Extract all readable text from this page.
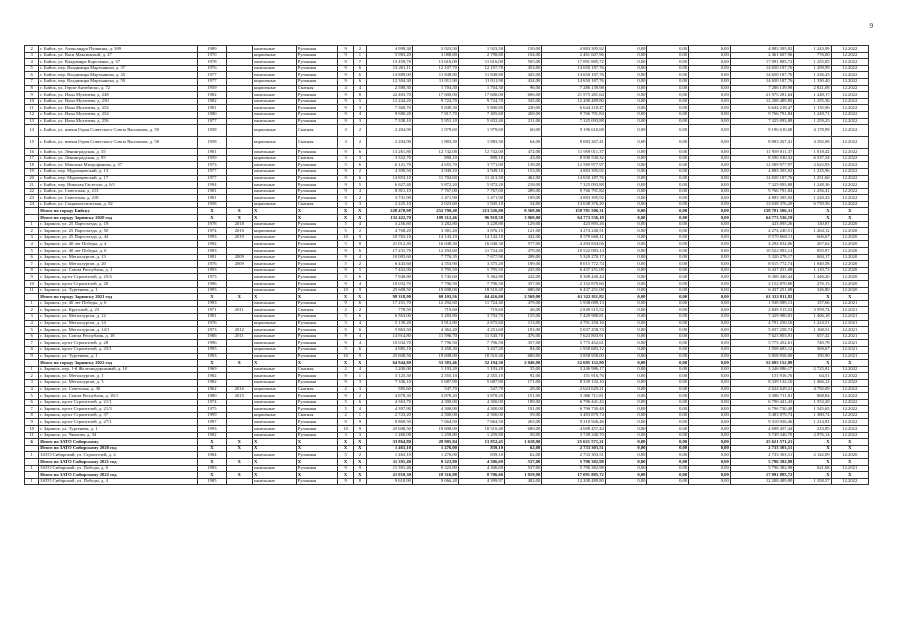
9
2	г. Бийск, ул. Александра Пушкина, д. 309	1989		панельные	Рулонная	9	2	4 998,30	3 923,50	1 923,50	150,00	4 883 395,92	0,00	0,00	0,00	4 883 395,92	1 243,99	12.2022
3	г. Бийск, ул. Васи Максимовой, д. 27	1970		кирпичные	Рулонная	9	1	5 983,20	3 088,80	2 798,80	104,00	2 461 607,96	0,00	0,00	0,00	2 461 607,96	776,00	12.2022
4	г. Бийск, ул. Владимира Короленко, д. 37	1978		панельные	Рулонная	9	7	15 459,70	13 616,00	11 616,00	505,00	17 091 885,72	0,00	0,00	0,00	17 091 885,72	1 255,05	12.2022
5	г. Бийск, пер. Владимира Мартьянова, д. 37	1976		панельные	Рулонная	9	6	13 261,11	12 107,70	12 107,70	453,00	14 650 187,76	0,00	0,00	0,00	14 650 187,76	1 209,99	12.2022
6	г. Бийск, пер. Владимира Мартьянова, д. 45	1977		панельные	Рулонная	9	6	14 889,00	11 848,80	11 848,80	445,00	14 650 187,76	0,00	0,00	0,00	14 650 187,76	1 236,43	12.2022
7	г. Бийск, пер. Владимира Мартьянова, д. 59	1977		кирпичные	Рулонная	9	6	12 304,30	11 011,90	11 011,90	434,00	14 650 187,76	0,00	0,00	0,00	14 650 187,76	1 330,40	12.2022
8	г. Бийск, ул. Героя-Антибиско, д. 72	1959		кирпичные	Скатная	4	4	2 580,30	1 704,30	1 704,30	96,00	7 286 139,98	0,00	0,00	0,00	7 286 139,98	2 821,08	12.2022
9	г. Бийск, ул. Ильи Мухачева, д. 248	1982		панельные	Рулонная	9	8	22 403,70	17 600,00	17 600,00	606,00	21 975 281,64	0,00	0,00	0,00	21 975 281,64	1 248,17	12.2022
10	г. Бийск, ул. Ильи Мухачева, д. 250	1982		панельные	Рулонная	9	5	12 244,20	9 724,70	9 724,70	343,00	12 208 489,80	0,00	0,00	0,00	12 208 489,80	1 255,36	12.2022
11	г. Бийск, ул. Ильи Мухачева, д. 252	1981		панельные	Рулонная	9	3	7 360,70	5 849,30	5 800,80	230,00	6 644 218,47	0,00	0,00	0,00	6 644 218,47	1 135,96	12.2022
12	г. Бийск, ул. Ильи Мухачева, д. 254	1980		панельные	Рулонная	9	4	9 680,20	7 817,70	7 495,60	269,00	9 766 791,84	0,00	0,00	0,00	9 766 791,84	1 249,71	12.2022
13	г. Бийск, ул. Ильи Мухачева, д. 256	1977		панельные	Рулонная	9	3	7 338,10	5 851,10	5 652,40	211,00	7 325 093,88	0,00	0,00	0,00	7 325 093,88	1 259,25	12.2022
14	г. Бийск, ул. имени Героя Советского Союза Васильева, д. 59	1958		кирпичные	Скатная	3	2	2 204,90	1 979,60	1 979,60	60,00	9 196 610,68	0,00	0,00	0,00	9 196 610,68	4 178,99	12.2022
15	г. Бийск, ул. имени Героя Советского Союза Васильева, д. 58	1958		кирпичные	Скатная	3	2	2 204,90	1 883,30	1 883,30	64,00	8 083 267,41	0,00	0,00	0,00	8 083 267,41	4 292,08	12.2022
16	г. Бийск, ул. Ленинградская, д. 35	1981		панельные	Рулонная	9	6	13 261,80	12 742,00	12 742,00	472,00	11 959 011,37	0,00	0,00	0,00	11 959 011,37	1 018,42	12.2022
17	г. Бийск, ул. Ленинградская, д. 95	1959		кирпичные	Скатная	3	3	3 352,70	890,10	890,10	43,00	8 590 530,32	0,00	0,00	0,00	8 590 530,32	6 337,34	12.2022
18	г. Бийск, ул. Максима Митрофанова, д. 37	1973		панельные	Рулонная	5	6	6 121,70	4 655,70	3 771,00	139,00	12 589 977,97	0,00	0,00	0,00	12 589 977,97	2 622,93	12.2022
19	г. Бийск, пер. Муромцевский, д. 13	1977		панельные	Рулонная	9	2	4 399,50	3 949,10	3 949,10	153,00	4 883 395,92	0,00	0,00	0,00	4 883 395,92	1 235,96	12.2022
20	г. Бийск, пер. Муромцевский, д. 17	1977		панельные	Рулонная	9	6	14 853,10	11 704,60	11 413,50	462,00	14 650 187,76	0,00	0,00	0,00	14 650 187,76	1 251,66	12.2022
21	г. Бийск, пер. Николая Гастелло, д. 6/1	1994		панельные	Рулонная	9	5	6 627,40	5 872,20	5 872,20	218,00	7 325 093,88	0,00	0,00	0,00	7 325 093,88	1 248,36	12.2022
22	г. Бийск, ул. Советская, д. 213	1981		панельные	Рулонная	9	4	8 811,10	7 767,00	7 767,00	289,00	9 766 791,84	0,00	0,00	0,00	9 766 791,84	1 256,41	12.2022
23	г. Бийск, ул. Советская, д. 218	1981		панельные	Рулонная	9	2	3 731,90	1 471,90	1 471,90	109,00	4 883 395,92	0,00	0,00	0,00	4 883 395,92	1 220,33	12.2022
24	г. Бийск, ул. Социалистическая, д. 92	1958		кирпичные	Скатная	3	3	2 225,10	2 023,60	1 945,10	54,00	13 638 376,20	0,00	0,00	0,00	13 638 376,20	6 739,56	12.2022
	Итого по городу Бийску	X	X	X	X	X	X	228 470,98	252 799,48	213 526,80	8 568,00	158 781 506,31	0,00	0,00	0,00	158 781 506,31	X	X
	Итого по городу Заринску 2020 год	X	X	X	X	X	X	132 422,70	109 312,46	96 918,58	3 969,00	64 773 536,19	0,00	0,00	0,00	64 773 536,19	X	X
1	г. Заринск, ул. 25 Партсъезда, д. 19	1978	2018	панельные	Рулонная	5	4	3 256,80	3 282,80	3 228,80	129,00	423 895,26	0,00	0,00	0,00	423 895,26	130,87	12.2020
2	г. Заринск, ул. 25 Партсъезда, д. 50	1974	2010	кирпичные	Рулонная	5	2	4 768,20	3 381,20	3 876,10	121,00	4 274 240,51	0,00	0,00	0,00	4 274 240,51	1 264,12	12.2020
3	г. Заринск, ул. 25 Партсъезда, д. 44	1993	2019	панельные	Рулонная	10	9	18 763,10	14 143,10	14 142,10	442,00	8 579 668,11	0,00	0,00	0,00	8 579 668,11	606,67	12.2020
4	г. Заринск, ул. 40 лет Победы, д. 4	1992		панельные	Рулонная	5	8	21 012,40	16 048,30	16 048,30	577,00	4 294 834,06	0,00	0,00	0,00	4 294 834,06	267,62	12.2020
5	г. Заринск, ул. 40 лет Победы, д. 6	1993		панельные	Рулонная	9	6	17 231,70	12 292,60	11 724,40	479,00	10 522 083,14	0,00	0,00	0,00	10 522 083,14	855,97	12.2020
6	г. Заринск, ул. Металлургов, д. 13	1981	2009	панельные	Рулонная	9	4	10 005,60	7 776,35	7 677,90	288,00	5 320 278,17	0,00	0,00	0,00	5 320 278,17	684,17	12.2020
7	г. Заринск, ул. Металлургов, д. 20	1976	2009	панельные	Рулонная	5	2	6 443,60	4 353,90	3 375,20	189,00	8 015 772,74	0,00	0,00	0,00	8 015 772,74	1 840,58	12.2020
8	г. Заринск, ул. Союза Республик, д. 1	1993		панельные	Рулонная	9	5	7 452,90	5 795,50	5 795,50	235,00	6 437 251,08	0,00	0,00	0,00	6 437 251,08	1 110,73	12.2020
9	г. Заринск, пр-кт Строителей, д. 25/4	1975		панельные	Рулонная	5	6	7 940,80	5 745,60	5 362,80	242,00	8 308 440,44	0,00	0,00	0,00	8 308 440,44	1 446,20	12.2020
10	г. Заринск, пр-кт Строителей, д. 28	1996		панельные	Рулонная	9	4	10 032,70	7 796,50	7 796,50	357,00	2 152 870,60	0,00	0,00	0,00	2 152 870,60	276,13	12.2020
11	г. Заринск, ул. Тургенева, д. 1	1993		панельные	Рулонная	10	9	25 608,50	19 698,00	18 510,40	680,00	6 437 251,08	0,00	0,00	0,00	6 437 251,08	326,80	12.2020
	Итого по городу Заринску 2021 год	X	X	X	X	X	X	98 318,90	69 103,56	64 416,00	2 569,00	61 322 811,82	0,00	0,00	0,00	61 322 811,82	X	X
1	г. Заринск, ул. 40 лет Победы, д. 6	1993		панельные	Рулонная	9	6	17 251,70	12 292,60	11 724,40	479,00	1 938 089,13	0,00	0,00	0,00	1 938 089,13	157,66	12.2021
2	г. Заринск, ул. Крупской, д. 23	1971	2011	панельные	Скатная	2	2	778,50	719,60	719,60	26,00	2 849 515,52	0,00	0,00	0,00	2 849 515,52	3 959,74	12.2021
3	г. Заринск, ул. Металлургов, д. 12	1981		панельные	Рулонная	5	6	6 563,00	5 283,80	3 792,70	155,00	7 429 980,81	0,00	0,00	0,00	7 429 980,81	1 406,18	12.2021
4	г. Заринск, ул. Металлургов, д. 14	1976		кирпичные	Рулонная	5	4	5 139,20	3 912,80	2 675,60	113,00	4 791 250,16	0,00	0,00	0,00	4 791 250,16	1 224,51	12.2021
5	г. Заринск, ул. Металлургов, д. 14/1	1973	2012	панельные	Рулонная	5	6	5 863,50	4 362,20	4 251,60	193,00	5 037 258,74	0,00	0,00	0,00	5 037 258,74	1 168,51	12.2021
6	г. Заринск, ул. Союза Республик, д. 18	1986	2011	панельные	Рулонная	9	4	14 914,80	11 596,70	11 545,70	476,00	7 623 803,91	0,00	0,00	0,00	7 623 803,91	657,42	12.2021
7	г. Заринск, пр-кт Строителей, д. 28	1996		панельные	Рулонная	9	4	10 032,70	7 796,50	7 796,50	357,00	5 775 452,61	0,00	0,00	0,00	5 775 452,61	740,78	12.2021
8	г. Заринск, пр-кт Строителей, д. 25/1	1995		кирпичные	Рулонная	5	6	4 985,10	3 458,30	3 437,20	84,00	1 958 683,12	0,00	0,00	0,00	1 958 683,12	569,67	12.2021
9	г. Заринск, ул. Тургенева, д. 1	1993		панельные	Рулонная	10	9	25 608,50	19 698,00	18 510,40	680,00	3 858 958,00	0,00	0,00	0,00	3 858 958,00	195,90	12.2021
	Итого по городу Заринску 2022 год	X	X	X	X	X	X	64 944,80	53 383,46	52 194,30	2 040,00	52 685 152,80	0,00	0,00	0,00	52 685 152,80	X	X
1	г. Заринск, пер. 1-й Железнодорожный, д. 10	1969		панельные	Скатная	2	4	1 200,00	1 193,20	1 193,20	55,00	3 246 986,17	0,00	0,00	0,00	3 246 986,17	2 725,81	12.2022
2	г. Заринск, ул. Металлургов, д. 1	1982		панельные	Рулонная	9	1	3 125,30	2 355,10	2 355,10	92,00	151 916,76	0,00	0,00	0,00	151 916,76	64,51	12.2022
3	г. Заринск, ул. Металлургов, д. 3	1982		панельные	Рулонная	9	3	7 336,10	5 687,90	5 687,90	171,00	8 339 132,10	0,00	0,00	0,00	8 339 132,10	1 466,12	12.2022
4	г. Заринск, ул. Советская, д. 30	1962	2016	кирпичные	Скатная	2	3	585,60	547,70	547,70	28,00	2 624 629,21	0,00	0,00	0,00	2 624 629,21	4 792,09	12.2022
5	г. Заринск, ул. Союза Республик, д. 18/1	1980	2015	панельные	Рулонная	9	2	4 878,30	3 878,20	3 878,20	151,00	3 386 711,81	0,00	0,00	0,00	3 386 711,81	868,84	12.2022
6	г. Заринск, пр-кт Строителей, д. 21/1	1974		панельные	Рулонная	5	6	4 363,70	4 300,00	4 300,00	189,00	6 796 441,43	0,00	0,00	0,00	6 796 441,43	1 553,20	12.2022
7	г. Заринск, пр-кт Строителей, д. 21/3	1975		панельные	Рулонная	5	4	4 397,90	4 300,00	4 300,00	191,00	6 796 730,48	0,00	0,00	0,00	6 796 730,48	1 545,65	12.2022
8	г. Заринск, пр-кт Строителей, д. 37	1999		кирпичные	Скатная	2	1	2 723,20	2 500,00	2 500,00	59,00	3 483 879,74	0,00	0,00	0,00	3 483 879,74	1 380,74	12.2022
9	г. Заринск, пр-кт Строителей, д. 27/1	1997		панельные	Рулонная	9	9	9 869,50	7 664,50	7 664,50	263,00	9 310 926,46	0,00	0,00	0,00	9 310 926,46	1 214,81	12.2022
10	г. Заринск, ул. Тургенева, д. 1	1993		панельные	Рулонная	10	9	25 608,50	19 698,00	18 510,40	680,00	4 698 457,44	0,00	0,00	0,00	4 698 457,44	233,85	12.2022
11	г. Заринск, ул. Чкалова, д. 34	1982		панельные	Рулонная	3	3	1 260,00	1 259,80	1 259,80	50,00	3 749 340,70	0,00	0,00	0,00	3 749 340,70	2 976,14	12.2022
6	Итого по ЗАТО Сибирскому	X	X	X	X	X	X	33 864,80	29 905,84	13 852,45	1 618,00	25 621 571,21	0,00	0,00	0,00	25 621 571,21	X	X
	Итого по ЗАТО Сибирскому 2020 год	X	X	X	X	X	X	1 463,10	1 276,00	839,10	62,00	2 733 303,51	0,00	0,00	0,00	2 733 303,51	X	X
1	ЗАТО Сибирский, ул. Строителей, д. 4	1984		панельные	Рулонная	5	2	1 463,10	1 276,00	839,10	62,00	2 733 303,51	0,00	0,00	0,00	2 733 303,51	2 142,09	12.2020
	Итого по ЗАТО Сибирскому 2021 год	X	X	X	X	X	X	11 391,40	9 323,80	4 306,69	537,00	5 796 382,98	0,00	0,00	0,00	5 796 382,98	X	X
1	ЗАТО Сибирский, ул. Победы, д. 6	1983		панельные	Рулонная	9	9	11 391,40	9 323,80	4 306,69	537,00	5 796 382,98	0,00	0,00	0,00	5 796 382,98	621,68	12.2021
	Итого по ЗАТО Сибирскому 2022 год	X	X	X	X	X	X	21 010,30	18 316,08	8 706,66	1 019,00	17 091 885,72	0,00	0,00	0,00	17 091 885,72	X	X
1	ЗАТО Сибирский, ул. Победы, д. 4	1985		панельные	Рулонная	9	8	9 618,90	9 066,28	4 399,97	482,00	12 208 489,80	0,00	0,00	0,00	12 208 489,80	1 358,57	12.2022
